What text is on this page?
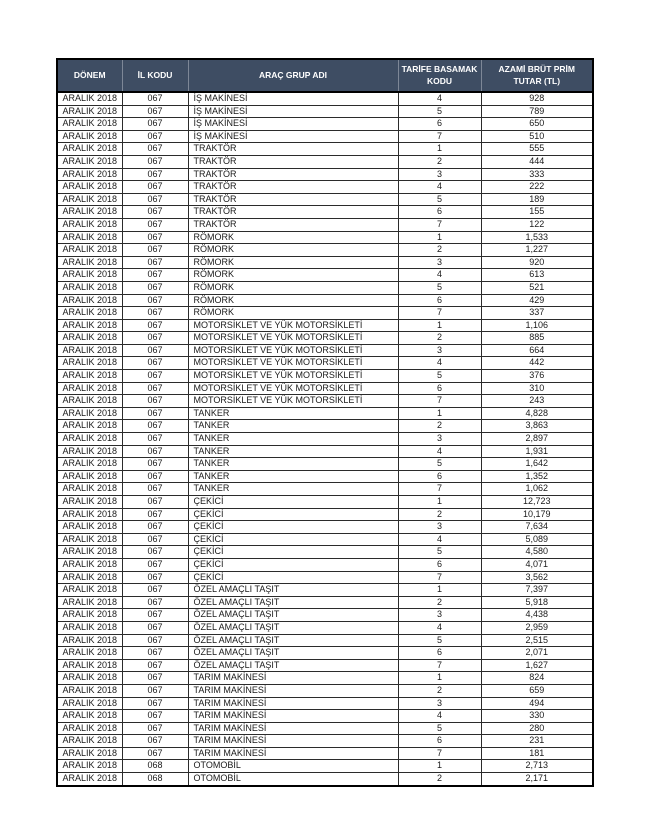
DÖNEM	İL KODU	ARAÇ GRUP ADI	TARİFE BASAMAK KODU	AZAMİ BRÜT PRİM TUTAR (TL)
ARALIK 2018	067	İŞ MAKİNESİ	4	928
ARALIK 2018	067	İŞ MAKİNESİ	5	789
ARALIK 2018	067	İŞ MAKİNESİ	6	650
ARALIK 2018	067	İŞ MAKİNESİ	7	510
ARALIK 2018	067	TRAKTÖR	1	555
ARALIK 2018	067	TRAKTÖR	2	444
ARALIK 2018	067	TRAKTÖR	3	333
ARALIK 2018	067	TRAKTÖR	4	222
ARALIK 2018	067	TRAKTÖR	5	189
ARALIK 2018	067	TRAKTÖR	6	155
ARALIK 2018	067	TRAKTÖR	7	122
ARALIK 2018	067	RÖMORK	1	1,533
ARALIK 2018	067	RÖMORK	2	1,227
ARALIK 2018	067	RÖMORK	3	920
ARALIK 2018	067	RÖMORK	4	613
ARALIK 2018	067	RÖMORK	5	521
ARALIK 2018	067	RÖMORK	6	429
ARALIK 2018	067	RÖMORK	7	337
ARALIK 2018	067	MOTORSİKLET VE YÜK MOTORSİKLETİ	1	1,106
ARALIK 2018	067	MOTORSİKLET VE YÜK MOTORSİKLETİ	2	885
ARALIK 2018	067	MOTORSİKLET VE YÜK MOTORSİKLETİ	3	664
ARALIK 2018	067	MOTORSİKLET VE YÜK MOTORSİKLETİ	4	442
ARALIK 2018	067	MOTORSİKLET VE YÜK MOTORSİKLETİ	5	376
ARALIK 2018	067	MOTORSİKLET VE YÜK MOTORSİKLETİ	6	310
ARALIK 2018	067	MOTORSİKLET VE YÜK MOTORSİKLETİ	7	243
ARALIK 2018	067	TANKER	1	4,828
ARALIK 2018	067	TANKER	2	3,863
ARALIK 2018	067	TANKER	3	2,897
ARALIK 2018	067	TANKER	4	1,931
ARALIK 2018	067	TANKER	5	1,642
ARALIK 2018	067	TANKER	6	1,352
ARALIK 2018	067	TANKER	7	1,062
ARALIK 2018	067	ÇEKİCİ	1	12,723
ARALIK 2018	067	ÇEKİCİ	2	10,179
ARALIK 2018	067	ÇEKİCİ	3	7,634
ARALIK 2018	067	ÇEKİCİ	4	5,089
ARALIK 2018	067	ÇEKİCİ	5	4,580
ARALIK 2018	067	ÇEKİCİ	6	4,071
ARALIK 2018	067	ÇEKİCİ	7	3,562
ARALIK 2018	067	ÖZEL AMAÇLI TAŞIT	1	7,397
ARALIK 2018	067	ÖZEL AMAÇLI TAŞIT	2	5,918
ARALIK 2018	067	ÖZEL AMAÇLI TAŞIT	3	4,438
ARALIK 2018	067	ÖZEL AMAÇLI TAŞIT	4	2,959
ARALIK 2018	067	ÖZEL AMAÇLI TAŞIT	5	2,515
ARALIK 2018	067	ÖZEL AMAÇLI TAŞIT	6	2,071
ARALIK 2018	067	ÖZEL AMAÇLI TAŞIT	7	1,627
ARALIK 2018	067	TARIM MAKİNESİ	1	824
ARALIK 2018	067	TARIM MAKİNESİ	2	659
ARALIK 2018	067	TARIM MAKİNESİ	3	494
ARALIK 2018	067	TARIM MAKİNESİ	4	330
ARALIK 2018	067	TARIM MAKİNESİ	5	280
ARALIK 2018	067	TARIM MAKİNESİ	6	231
ARALIK 2018	067	TARIM MAKİNESİ	7	181
ARALIK 2018	068	OTOMOBİL	1	2,713
ARALIK 2018	068	OTOMOBİL	2	2,171
